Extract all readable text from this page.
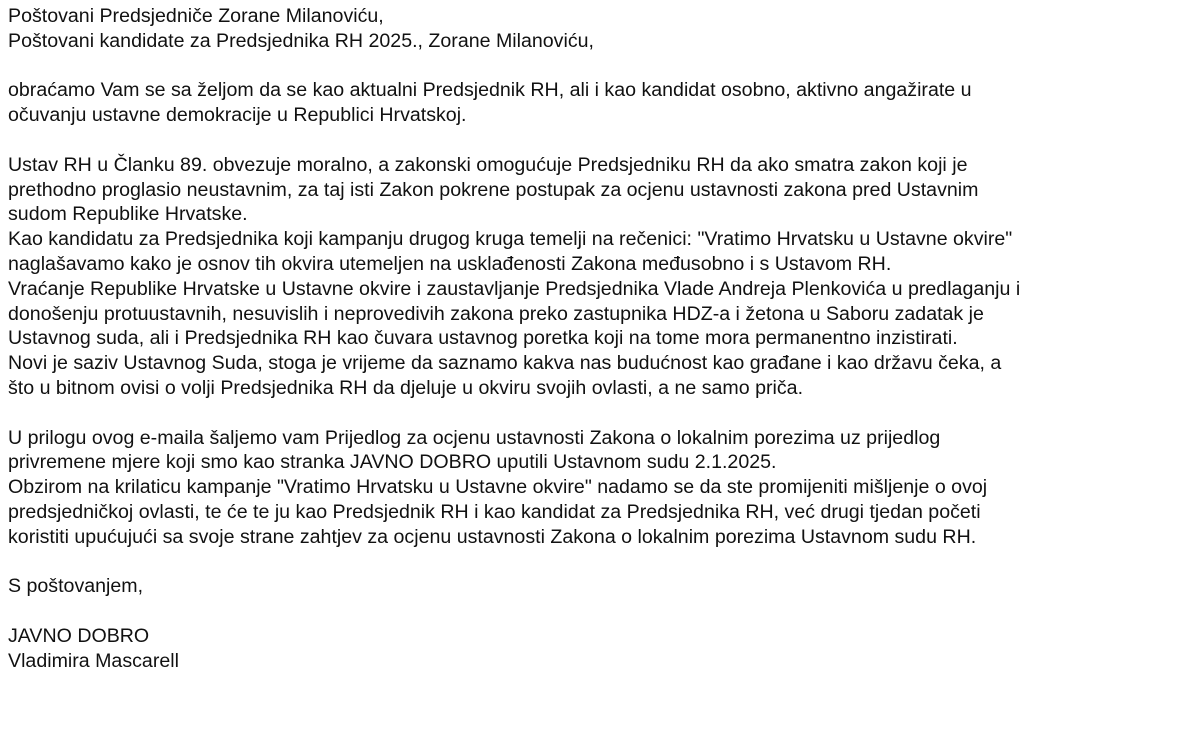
Poštovani Predsjedniče Zorane Milanoviću,
Poštovani kandidate za Predsjednika RH 2025., Zorane Milanoviću,
obraćamo Vam se sa željom da se kao aktualni Predsjednik RH, ali i kao kandidat osobno, aktivno angažirate u
očuvanju ustavne demokracije u Republici Hrvatskoj.
Ustav RH u Članku 89. obvezuje moralno, a zakonski omogućuje Predsjedniku RH da ako smatra zakon koji je
prethodno proglasio neustavnim, za taj isti Zakon pokrene postupak za ocjenu ustavnosti zakona pred Ustavnim
sudom Republike Hrvatske.
Kao kandidatu za Predsjednika koji kampanju drugog kruga temelji na rečenici: "Vratimo Hrvatsku u Ustavne okvire"
naglašavamo kako je osnov tih okvira utemeljen na usklađenosti Zakona međusobno i s Ustavom RH.
Vraćanje Republike Hrvatske u Ustavne okvire i zaustavljanje Predsjednika Vlade Andreja Plenkovića u predlaganju i
donošenju protuustavnih, nesuvislih i neprovedivih zakona preko zastupnika HDZ-a i žetona u Saboru zadatak je
Ustavnog suda, ali i Predsjednika RH kao čuvara ustavnog poretka koji na tome mora permanentno inzistirati.
Novi je saziv Ustavnog Suda, stoga je vrijeme da saznamo kakva nas budućnost kao građane i kao državu čeka, a
što u bitnom ovisi o volji Predsjednika RH da djeluje u okviru svojih ovlasti, a ne samo priča.
U prilogu ovog e-maila šaljemo vam Prijedlog za ocjenu ustavnosti Zakona o lokalnim porezima uz prijedlog
privremene mjere koji smo kao stranka JAVNO DOBRO uputili Ustavnom sudu 2.1.2025.
Obzirom na krilaticu kampanje "Vratimo Hrvatsku u Ustavne okvire" nadamo se da ste promijeniti mišljenje o ovoj
predsjedničkoj ovlasti, te će te ju kao Predsjednik RH i kao kandidat za Predsjednika RH, već drugi tjedan početi
koristiti upućujući sa svoje strane zahtjev za ocjenu ustavnosti Zakona o lokalnim porezima Ustavnom sudu RH.
S poštovanjem,
JAVNO DOBRO
Vladimira Mascarell
